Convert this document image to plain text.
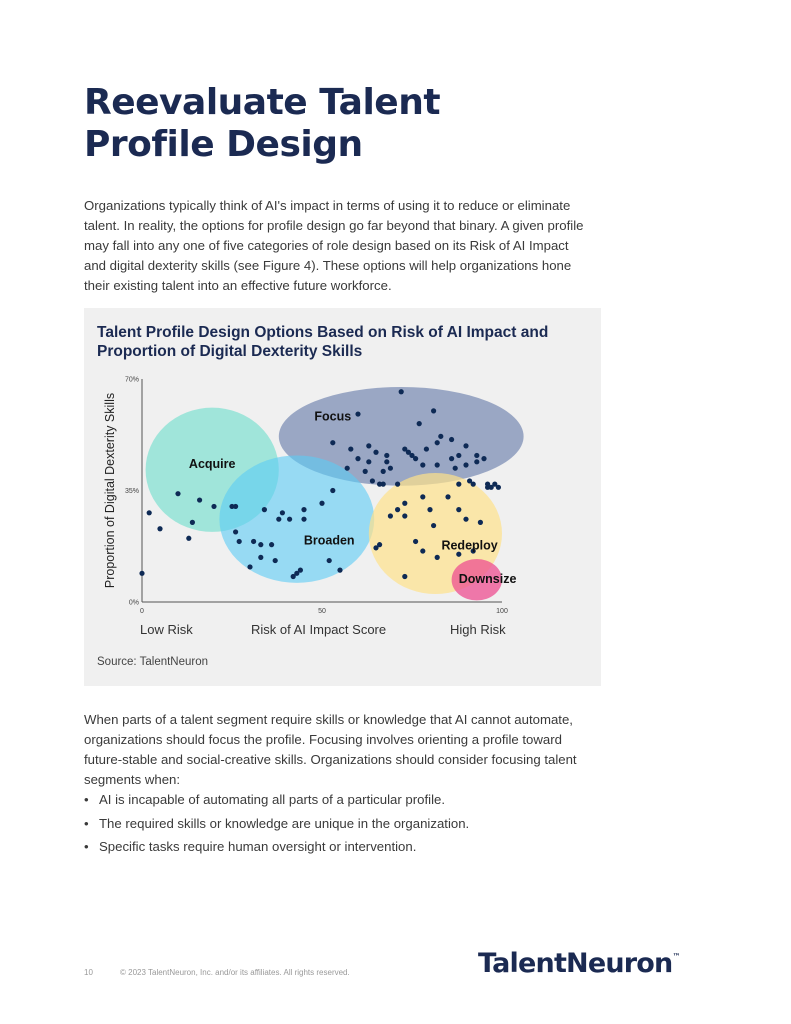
Reevaluate Talent
Profile Design

Organizations typically think of AI's impact in terms of using it to reduce or eliminate talent. In reality, the options for profile design go far beyond that binary. A given profile may fall into any one of five categories of role design based on its Risk of AI Impact and digital dexterity skills (see Figure 4). These options will help organizations hone their existing talent into an effective future workforce.

Talent Profile Design Options Based on Risk of AI Impact and
Proportion of Digital Dexterity Skills
Focus
Acquire
Broaden	Redeploy
Downsize
0	50	100
0%
35%
70%
Proportion of Digital Dexterity Skills
Low Risk	Risk of AI Impact Score	High Risk
Source: TalentNeuron

When parts of a talent segment require skills or knowledge that AI cannot automate, organizations should focus the profile. Focusing involves orienting a profile toward future-stable and social-creative skills. Organizations should consider focusing talent segments when:

• AI is incapable of automating all parts of a particular profile.
• The required skills or knowledge are unique in the organization.
• Specific tasks require human oversight or intervention.
10	© 2023 TalentNeuron, Inc. and/or its affiliates. All rights reserved.	TalentNeuron™
